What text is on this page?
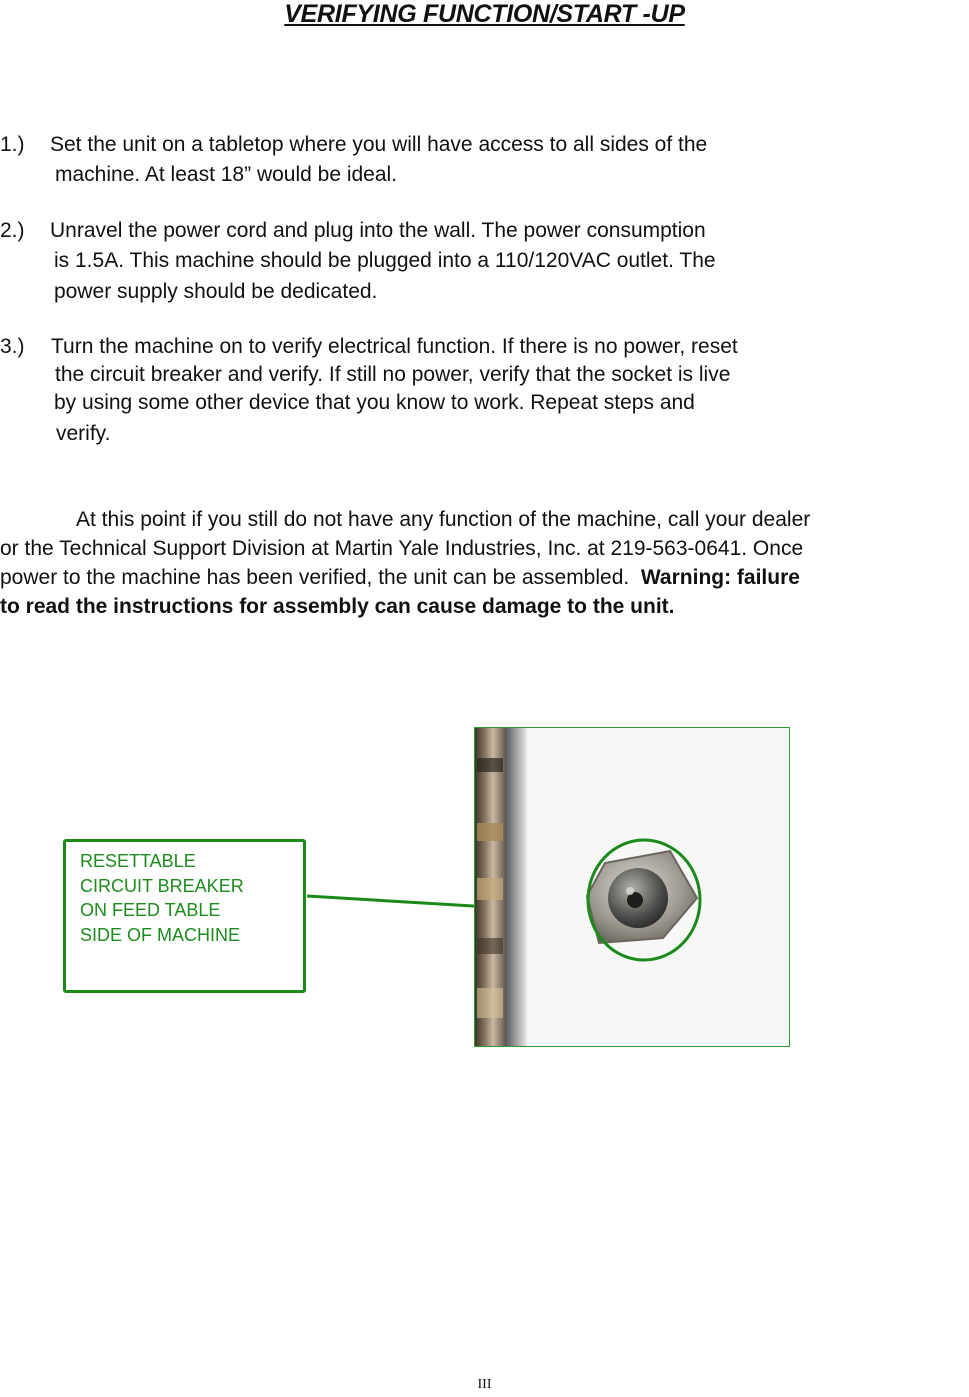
VERIFYING FUNCTION/START -UP
1.) Set the unit on a tabletop where you will have access to all sides of the
machine. At least 18” would be ideal.
2.) Unravel the power cord and plug into the wall. The power consumption
is 1.5A. This machine should be plugged into a 110/120VAC outlet. The
power supply should be dedicated.
3.) Turn the machine on to verify electrical function. If there is no power, reset
the circuit breaker and verify. If still no power, verify that the socket is live
by using some other device that you know to work. Repeat steps and
verify.
At this point if you still do not have any function of the machine, call your dealer
or the Technical Support Division at Martin Yale Industries, Inc. at 219-563-0641. Once
power to the machine has been verified, the unit can be assembled.  Warning: failure
to read the instructions for assembly can cause damage to the unit.
RESETTABLE
CIRCUIT BREAKER
ON FEED TABLE
SIDE OF MACHINE
III
